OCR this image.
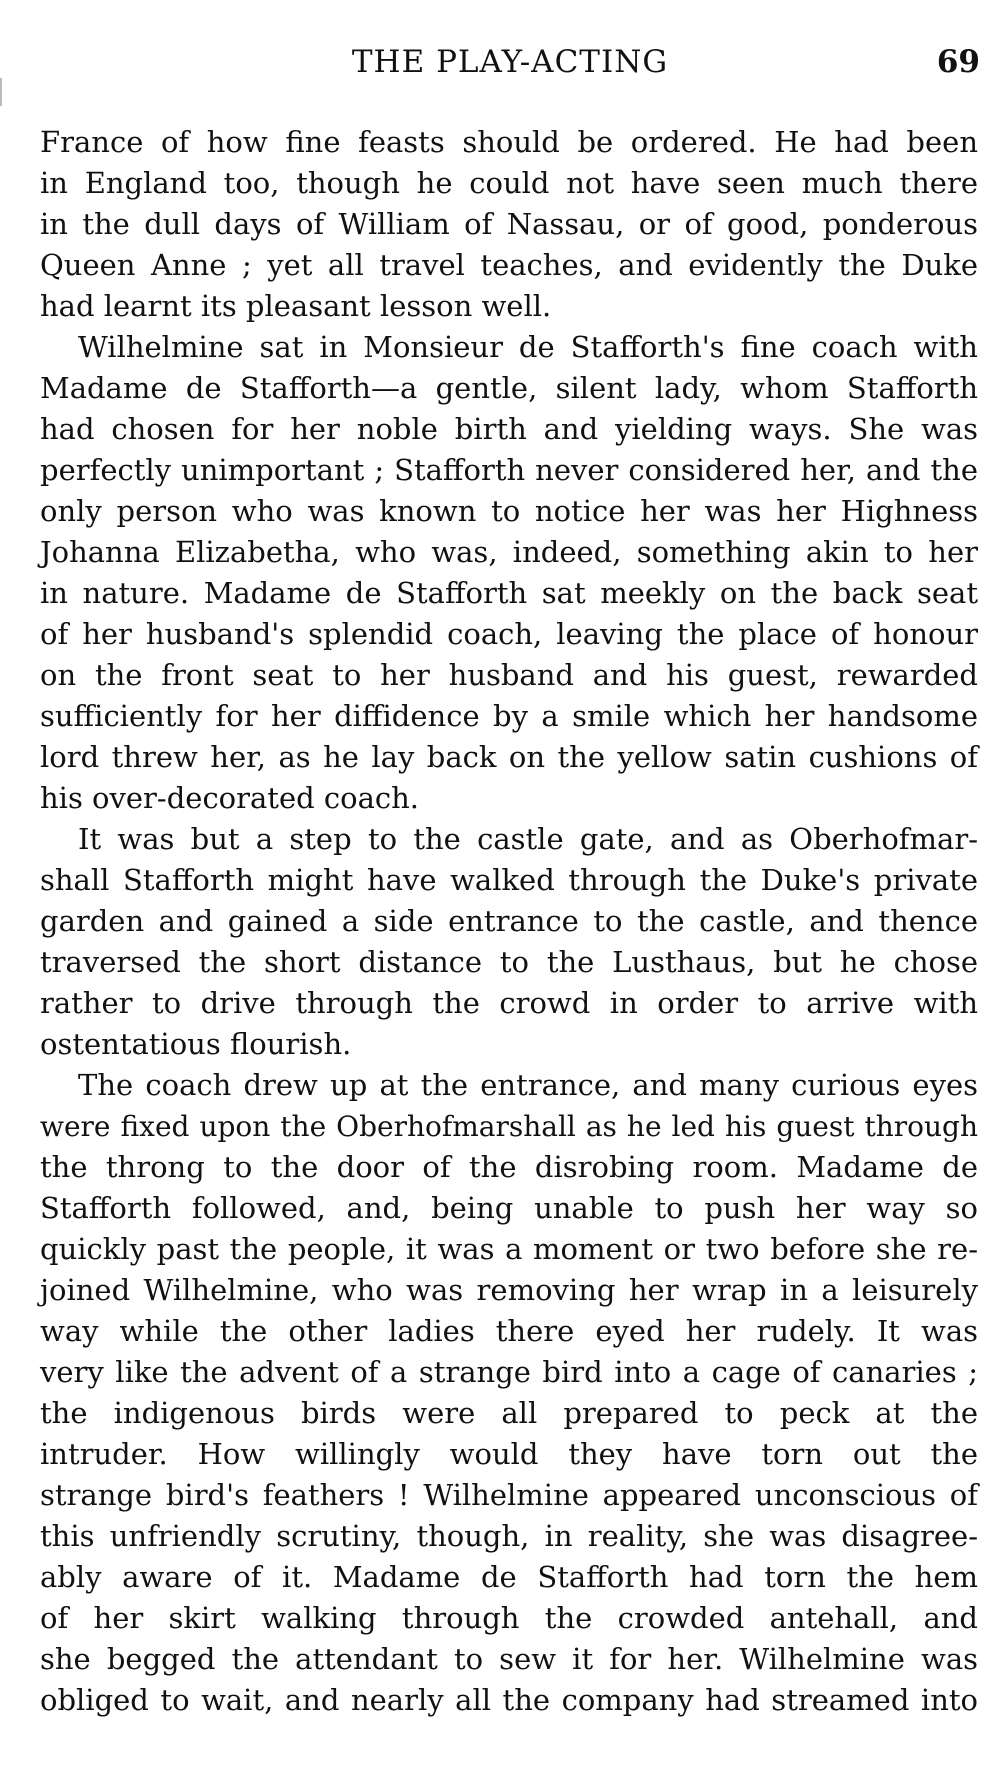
THE PLAY-ACTING	69
France of how fine feasts should be ordered. He had been
in England too, though he could not have seen much there
in the dull days of William of Nassau, or of good, ponderous
Queen Anne ; yet all travel teaches, and evidently the Duke
had learnt its pleasant lesson well.
Wilhelmine sat in Monsieur de Stafforth's fine coach with
Madame de Stafforth—a gentle, silent lady, whom Stafforth
had chosen for her noble birth and yielding ways. She was
perfectly unimportant ; Stafforth never considered her, and the
only person who was known to notice her was her Highness
Johanna Elizabetha, who was, indeed, something akin to her
in nature. Madame de Stafforth sat meekly on the back seat
of her husband's splendid coach, leaving the place of honour
on the front seat to her husband and his guest, rewarded
sufficiently for her diffidence by a smile which her handsome
lord threw her, as he lay back on the yellow satin cushions of
his over-decorated coach.
It was but a step to the castle gate, and as Oberhofmar-
shall Stafforth might have walked through the Duke's private
garden and gained a side entrance to the castle, and thence
traversed the short distance to the Lusthaus, but he chose
rather to drive through the crowd in order to arrive with
ostentatious flourish.
The coach drew up at the entrance, and many curious eyes
were fixed upon the Oberhofmarshall as he led his guest through
the throng to the door of the disrobing room. Madame de
Stafforth followed, and, being unable to push her way so
quickly past the people, it was a moment or two before she re-
joined Wilhelmine, who was removing her wrap in a leisurely
way while the other ladies there eyed her rudely. It was
very like the advent of a strange bird into a cage of canaries ;
the indigenous birds were all prepared to peck at the
intruder. How willingly would they have torn out the
strange bird's feathers ! Wilhelmine appeared unconscious of
this unfriendly scrutiny, though, in reality, she was disagree-
ably aware of it. Madame de Stafforth had torn the hem
of her skirt walking through the crowded antehall, and
she begged the attendant to sew it for her. Wilhelmine was
obliged to wait, and nearly all the company had streamed into
